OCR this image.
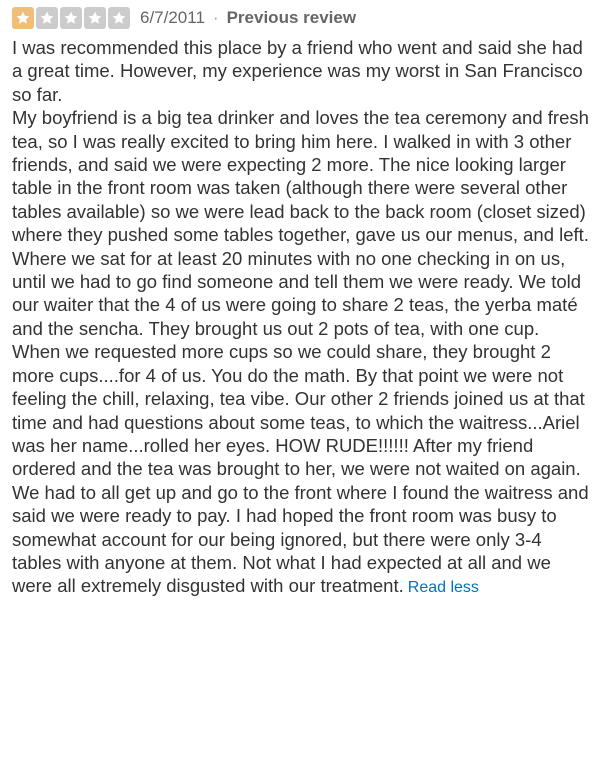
6/7/2011 · Previous review

I was recommended this place by a friend who went and said she had a great time. However, my experience was my worst in San Francisco so far.

My boyfriend is a big tea drinker and loves the tea ceremony and fresh tea, so I was really excited to bring him here. I walked in with 3 other friends, and said we were expecting 2 more. The nice looking larger table in the front room was taken (although there were several other tables available) so we were lead back to the back room (closet sized) where they pushed some tables together, gave us our menus, and left. Where we sat for at least 20 minutes with no one checking in on us, until we had to go find someone and tell them we were ready. We told our waiter that the 4 of us were going to share 2 teas, the yerba maté and the sencha. They brought us out 2 pots of tea, with one cup. When we requested more cups so we could share, they brought 2 more cups....for 4 of us. You do the math. By that point we were not feeling the chill, relaxing, tea vibe. Our other 2 friends joined us at that time and had questions about some teas, to which the waitress...Ariel was her name...rolled her eyes. HOW RUDE!!!!!! After my friend ordered and the tea was brought to her, we were not waited on again. We had to all get up and go to the front where I found the waitress and said we were ready to pay. I had hoped the front room was busy to somewhat account for our being ignored, but there were only 3-4 tables with anyone at them. Not what I had expected at all and we were all extremely disgusted with our treatment. Read less
